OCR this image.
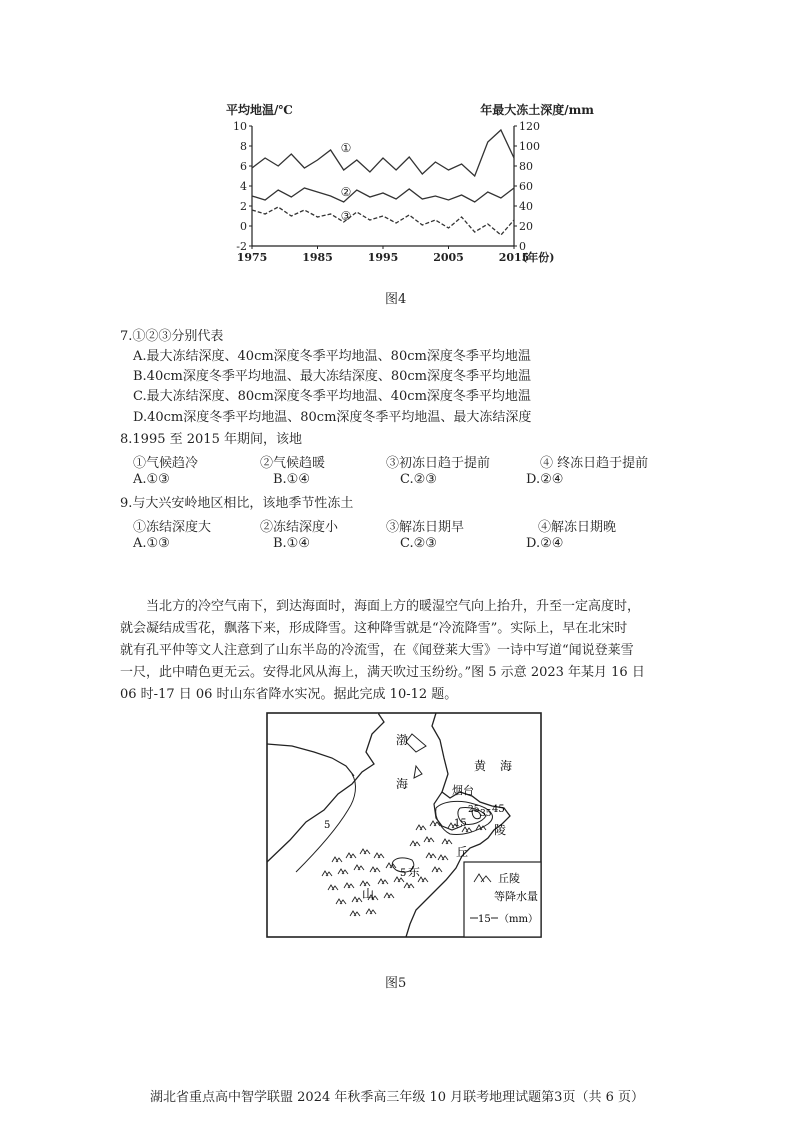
平均地温/℃	年最大冻土深度/mm
10
8
6
4
2
0
-2
120
100
80
60
40
20
0
1975	1985	1995	2005	2015
(年份)
①
②
③
图4
7.①②③分别代表
A.最大冻结深度、40cm深度冬季平均地温、80cm深度冬季平均地温
B.40cm深度冬季平均地温、最大冻结深度、80cm深度冬季平均地温
C.最大冻结深度、80cm深度冬季平均地温、40cm深度冬季平均地温
D.40cm深度冬季平均地温、80cm深度冬季平均地温、最大冻结深度
8.1995 至 2015 年期间，该地
①气候趋冷	②气候趋暖	③初冻日趋于提前	④ 终冻日趋于提前
A.①③	B.①④	C.②③	D.②④
9.与大兴安岭地区相比，该地季节性冻土
①冻结深度大	②冻结深度小	③解冻日期早	④解冻日期晚
A.①③	B.①④	C.②③	D.②④
当北方的冷空气南下，到达海面时，海面上方的暖湿空气向上抬升，升至一定高度时，
就会凝结成雪花，飘落下来，形成降雪。这种降雪就是“冷流降雪”。实际上，早在北宋时
就有孔平仲等文人注意到了山东半岛的冷流雪，在《闻登莱大雪》一诗中写道“闻说登莱雪
一尺，此中晴色更无云。安得北风从海上，满天吹过玉纷纷。”图 5 示意 2023 年某月 16 日
06 时-17 日 06 时山东省降水实况。据此完成 10-12 题。
渤
海
黄 海
烟台
陵
丘
东
山
5
5
15
25 35 45
丘陵
等降水量
15 （mm）
图5
湖北省重点高中智学联盟 2024 年秋季高三年级 10 月联考地理试题第3页（共 6 页）
